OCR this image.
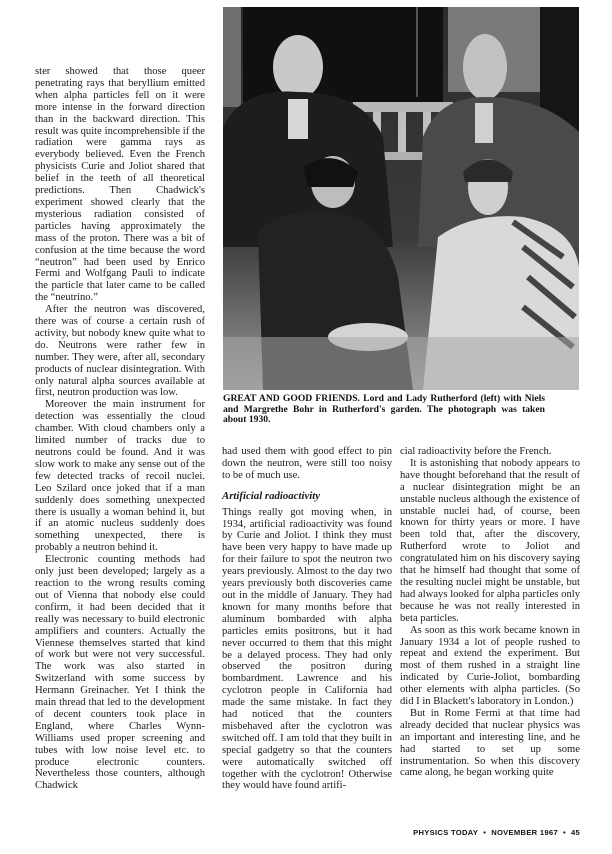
ster showed that those queer penetrating rays that beryllium emitted when alpha particles fell on it were more intense in the forward direction than in the backward direction. This result was quite incomprehensible if the radiation were gamma rays as everybody believed. Even the French physicists Curie and Joliot shared that belief in the teeth of all theoretical predictions. Then Chadwick's experiment showed clearly that the mysterious radiation consisted of particles having approximately the mass of the proton. There was a bit of confusion at the time because the word “neutron” had been used by Enrico Fermi and Wolfgang Pauli to indicate the particle that later came to be called the “neutrino.”

After the neutron was discovered, there was of course a certain rush of activity, but nobody knew quite what to do. Neutrons were rather few in number. They were, after all, secondary products of nuclear disintegration. With only natural alpha sources available at first, neutron production was low.

Moreover the main instrument for detection was essentially the cloud chamber. With cloud chambers only a limited number of tracks due to neutrons could be found. And it was slow work to make any sense out of the few detected tracks of recoil nuclei. Leo Szilard once joked that if a man suddenly does something unexpected there is usually a woman behind it, but if an atomic nucleus suddenly does something unexpected, there is probably a neutron behind it.

Electronic counting methods had only just been developed; largely as a reaction to the wrong results coming out of Vienna that nobody else could confirm, it had been decided that it really was necessary to build electronic amplifiers and counters. Actually the Viennese themselves started that kind of work but were not very successful. The work was also started in Switzerland with some success by Hermann Greinacher. Yet I think the main thread that led to the development of decent counters took place in England, where Charles Wynn-Williams used proper screening and tubes with low noise level etc. to produce electronic counters. Nevertheless those counters, although Chadwick

GREAT AND GOOD FRIENDS. Lord and Lady Rutherford (left) with Niels and Margrethe Bohr in Rutherford's garden. The photograph was taken about 1930.

had used them with good effect to pin down the neutron, were still too noisy to be of much use.

Artificial radioactivity

Things really got moving when, in 1934, artificial radioactivity was found by Curie and Joliot. I think they must have been very happy to have made up for their failure to spot the neutron two years previously. Almost to the day two years previously both discoveries came out in the middle of January. They had known for many months before that aluminum bombarded with alpha particles emits positrons, but it had never occurred to them that this might be a delayed process. They had only observed the positron during bombardment. Lawrence and his cyclotron people in California had made the same mistake. In fact they had noticed that the counters misbehaved after the cyclotron was switched off. I am told that they built in special gadgetry so that the counters were automatically switched off together with the cyclotron! Otherwise they would have found artifi-

cial radioactivity before the French.

It is astonishing that nobody appears to have thought beforehand that the result of a nuclear disintegration might be an unstable nucleus although the existence of unstable nuclei had, of course, been known for thirty years or more. I have been told that, after the discovery, Rutherford wrote to Joliot and congratulated him on his discovery saying that he himself had thought that some of the resulting nuclei might be unstable, but had always looked for alpha particles only because he was not really interested in beta particles.

As soon as this work became known in January 1934 a lot of people rushed to repeat and extend the experiment. But most of them rushed in a straight line indicated by Curie-Joliot, bombarding other elements with alpha particles. (So did I in Blackett's laboratory in London.)

But in Rome Fermi at that time had already decided that nuclear physics was an important and interesting line, and he had started to set up some instrumentation. So when this discovery came along, he began working quite

PHYSICS TODAY • NOVEMBER 1967 • 45
